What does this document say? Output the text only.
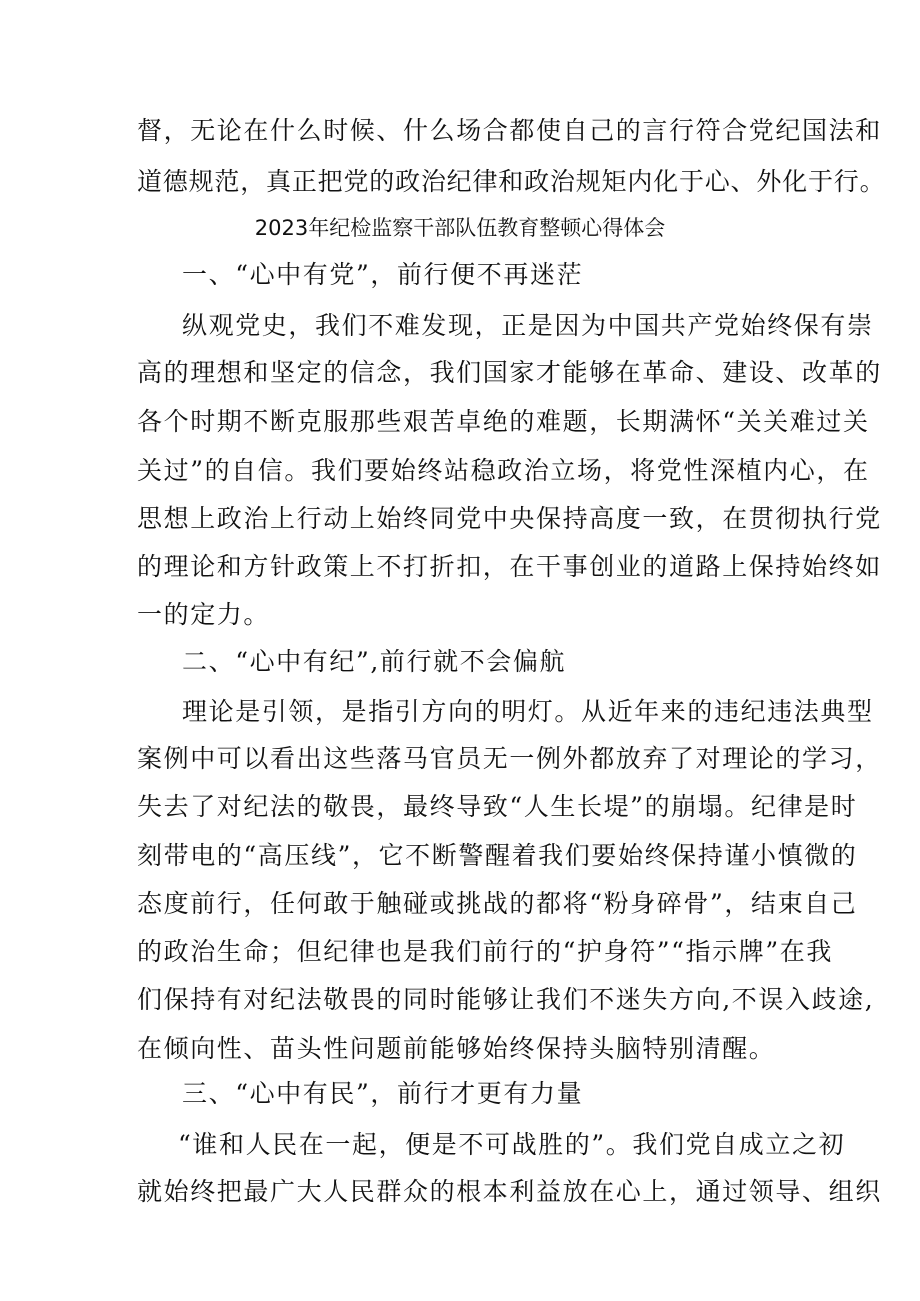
督，无论在什么时候、什么场合都使自己的言行符合党纪国法和
道德规范，真正把党的政治纪律和政治规矩内化于心、外化于行。
2023年纪检监察干部队伍教育整顿心得体会
一、“心中有党”，前行便不再迷茫
纵观党史，我们不难发现，正是因为中国共产党始终保有崇
高的理想和坚定的信念，我们国家才能够在革命、建设、改革的
各个时期不断克服那些艰苦卓绝的难题，长期满怀“关关难过关
关过”的自信。我们要始终站稳政治立场，将党性深植内心，在
思想上政治上行动上始终同党中央保持高度一致，在贯彻执行党
的理论和方针政策上不打折扣，在干事创业的道路上保持始终如
一的定力。
二、“心中有纪”,前行就不会偏航
理论是引领，是指引方向的明灯。从近年来的违纪违法典型
案例中可以看出这些落马官员无一例外都放弃了对理论的学习，
失去了对纪法的敬畏，最终导致“人生长堤”的崩塌。纪律是时
刻带电的“高压线”，它不断警醒着我们要始终保持谨小慎微的
态度前行，任何敢于触碰或挑战的都将“粉身碎骨”，结束自己
的政治生命；但纪律也是我们前行的“护身符”“指示牌”在我
们保持有对纪法敬畏的同时能够让我们不迷失方向,不误入歧途,
在倾向性、苗头性问题前能够始终保持头脑特别清醒。
三、“心中有民”，前行才更有力量
“谁和人民在一起，便是不可战胜的”。我们党自成立之初
就始终把最广大人民群众的根本利益放在心上，通过领导、组织
